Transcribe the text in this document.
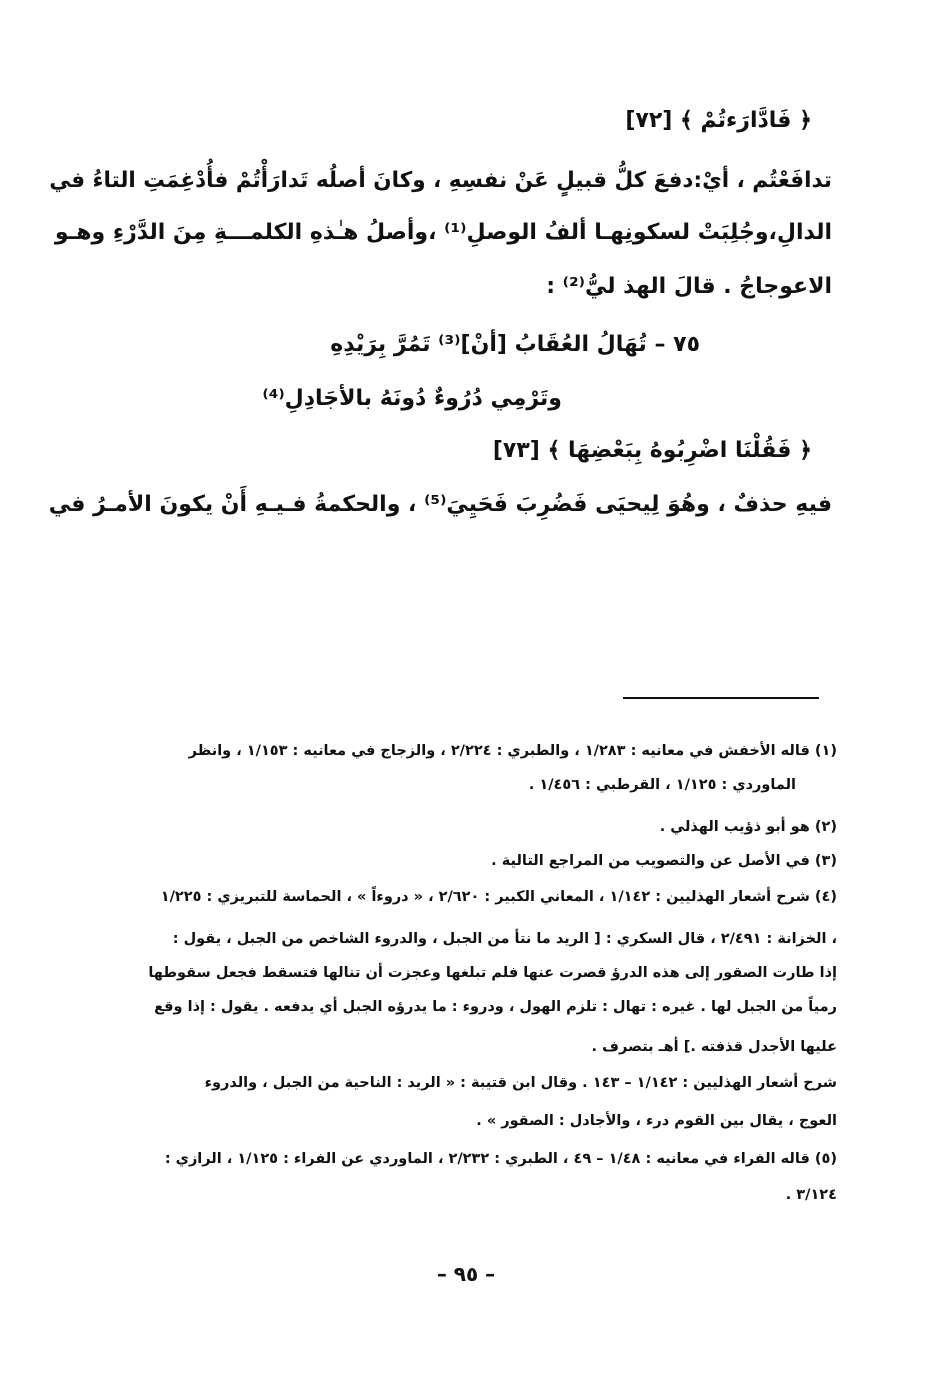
﴿ فَادَّارَءتُمْ ﴾ [٧٢]
تدافَعْتُم ، أيْ:دفعَ كلُّ قبيلٍ عَنْ نفسِهِ ، وكانَ أصلُه تَدارَأْتُمْ فأُدْغِمَتِ التاءُ في
الدالِ،وجُلِبَتْ لسكونِهـا ألفُ الوصلِ⁽¹⁾ ،وأصلُ هـٰذهِ الكلمـــةِ مِنَ الدَّرْءِ وهـو
الاعوجاجُ . قالَ الهذ ليُّ⁽²⁾ :
٧٥ – تُهَالُ العُقَابُ [أنْ]⁽³⁾ تَمُرَّ بِرَيْدِهِ
وتَرْمِي دُرُوءٌ دُونَهُ بالأجَادِلِ⁽⁴⁾
﴿ فَقُلْنَا اضْرِبُوهُ بِبَعْضِهَا ﴾ [٧٣]
فيهِ حذفٌ ، وهُوَ لِيحيَى فَضُرِبَ فَحَيِيَ⁽⁵⁾ ، والحكمةُ فـيـهِ أَنْ يكونَ الأمـرُ في
(١) قاله الأخفش في معانيه : ١/٢٨٣ ، والطبري : ٢/٢٢٤ ، والزجاج في معانيه : ١/١٥٣ ، وانظر
الماوردي : ١/١٢٥ ، القرطبي : ١/٤٥٦ .
(٢) هو أبو ذؤيب الهذلي .
(٣) في الأصل عن والتصويب من المراجع التالية .
(٤) شرح أشعار الهذليين : ١/١٤٢ ، المعاني الكبير : ٢/٦٢٠ ، « دروءاً » ، الحماسة للتبريزي : ١/٢٢٥
، الخزانة : ٢/٤٩١ ، قال السكري : [ الريد ما نتأ من الجبل ، والدروء الشاخص من الجبل ، يقول :
إذا طارت الصقور إلى هذه الدرؤ قصرت عنها فلم تبلغها وعجزت أن تنالها فتسقط فجعل سقوطها
رمياً من الجبل لها . غيره : تهال : تلزم الهول ، ودروء : ما يدرؤه الجبل أي يدفعه . يقول : إذا وقع
عليها الأجدل قذفته .] أهـ بتصرف .
شرح أشعار الهذليين : ١/١٤٢ – ١٤٣ . وقال ابن قتيبة : « الريد : الناحية من الجبل ، والدروء
العوج ، يقال بين القوم درء ، والأجادل : الصقور » .
(٥) قاله الفراء في معانيه : ١/٤٨ – ٤٩ ، الطبري : ٢/٢٣٢ ، الماوردي عن الفراء : ١/١٢٥ ، الرازي :
٣/١٢٤ .
– ٩٥ –
